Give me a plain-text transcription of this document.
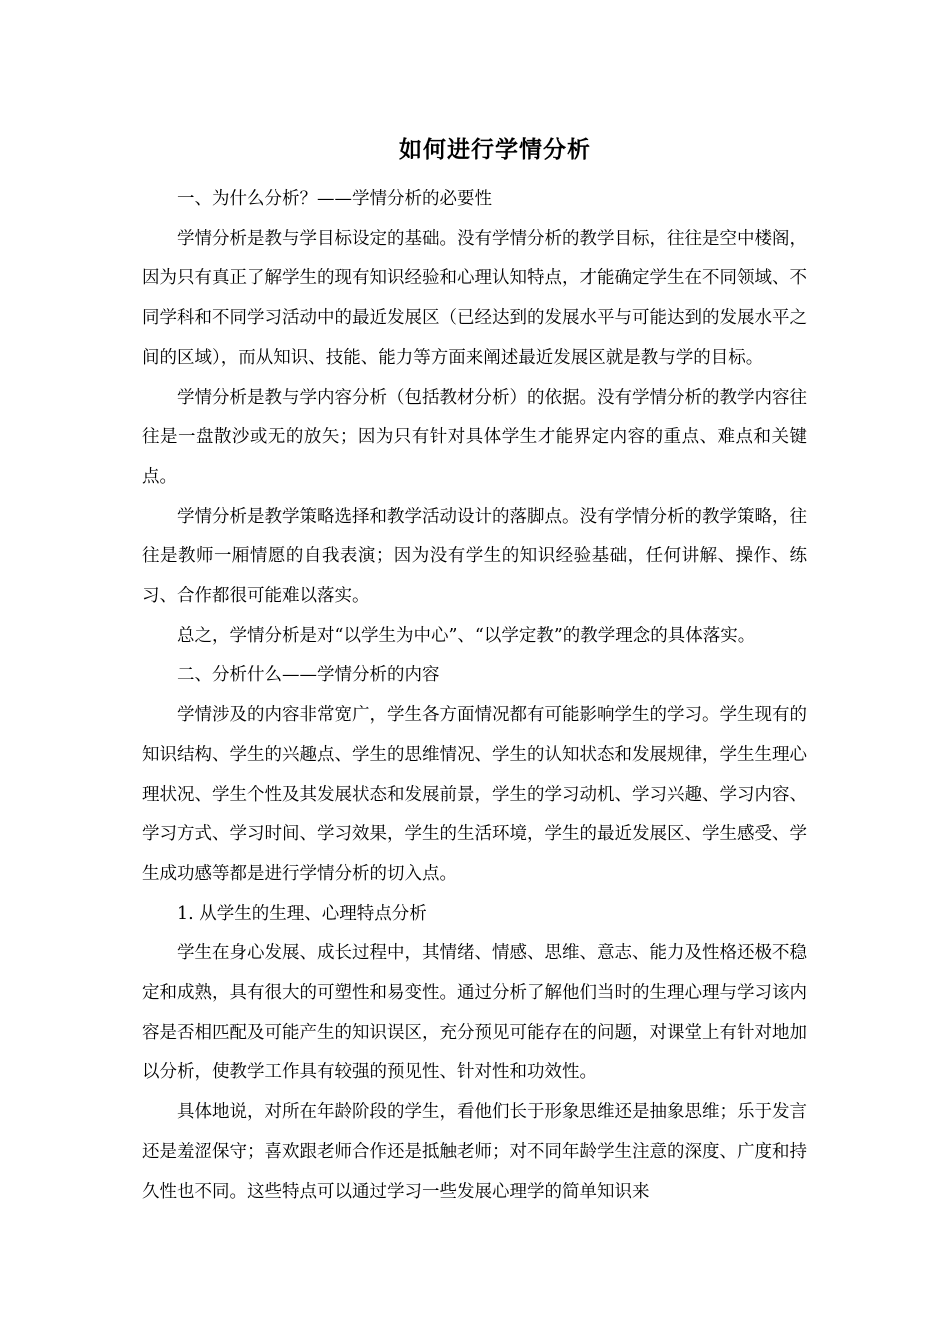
如何进行学情分析

一、为什么分析？——学情分析的必要性

学情分析是教与学目标设定的基础。没有学情分析的教学目标，往往是空中楼阁，因为只有真正了解学生的现有知识经验和心理认知特点，才能确定学生在不同领域、不同学科和不同学习活动中的最近发展区（已经达到的发展水平与可能达到的发展水平之间的区域），而从知识、技能、能力等方面来阐述最近发展区就是教与学的目标。

学情分析是教与学内容分析（包括教材分析）的依据。没有学情分析的教学内容往往是一盘散沙或无的放矢；因为只有针对具体学生才能界定内容的重点、难点和关键点。

学情分析是教学策略选择和教学活动设计的落脚点。没有学情分析的教学策略，往往是教师一厢情愿的自我表演；因为没有学生的知识经验基础，任何讲解、操作、练习、合作都很可能难以落实。

总之，学情分析是对“以学生为中心”、“以学定教”的教学理念的具体落实。

二、分析什么——学情分析的内容

学情涉及的内容非常宽广，学生各方面情况都有可能影响学生的学习。学生现有的知识结构、学生的兴趣点、学生的思维情况、学生的认知状态和发展规律，学生生理心理状况、学生个性及其发展状态和发展前景，学生的学习动机、学习兴趣、学习内容、学习方式、学习时间、学习效果，学生的生活环境，学生的最近发展区、学生感受、学生成功感等都是进行学情分析的切入点。

1. 从学生的生理、心理特点分析

学生在身心发展、成长过程中，其情绪、情感、思维、意志、能力及性格还极不稳定和成熟，具有很大的可塑性和易变性。通过分析了解他们当时的生理心理与学习该内容是否相匹配及可能产生的知识误区，充分预见可能存在的问题，对课堂上有针对地加以分析，使教学工作具有较强的预见性、针对性和功效性。

具体地说，对所在年龄阶段的学生，看他们长于形象思维还是抽象思维；乐于发言还是羞涩保守；喜欢跟老师合作还是抵触老师；对不同年龄学生注意的深度、广度和持久性也不同。这些特点可以通过学习一些发展心理学的简单知识来
